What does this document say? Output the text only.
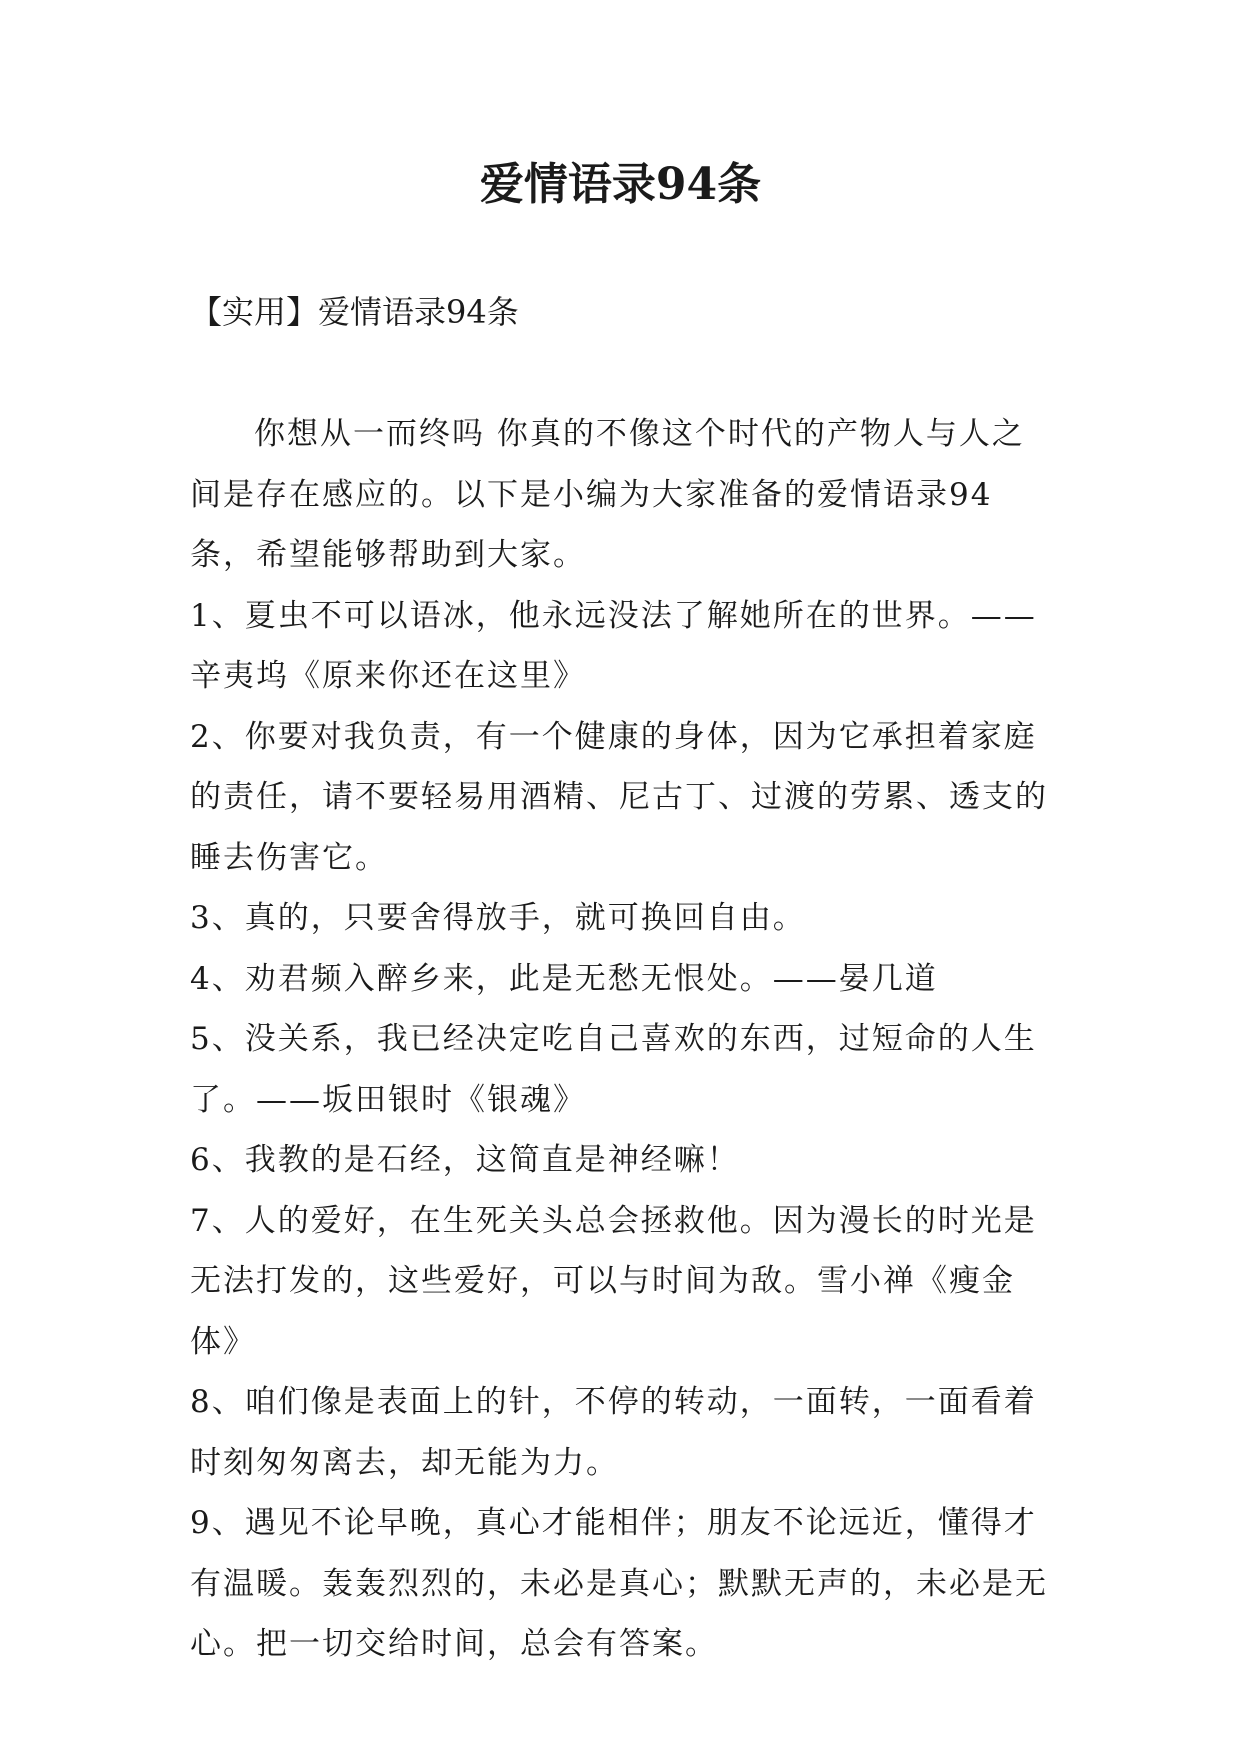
爱情语录94条

【实用】爱情语录94条

你想从一而终吗 你真的不像这个时代的产物人与人之间是存在感应的。以下是小编为大家准备的爱情语录94条，希望能够帮助到大家。

1、夏虫不可以语冰，他永远没法了解她所在的世界。——辛夷坞《原来你还在这里》

2、你要对我负责，有一个健康的身体，因为它承担着家庭的责任，请不要轻易用酒精、尼古丁、过渡的劳累、透支的睡去伤害它。

3、真的，只要舍得放手，就可换回自由。

4、劝君频入醉乡来，此是无愁无恨处。——晏几道

5、没关系，我已经决定吃自己喜欢的东西，过短命的人生了。——坂田银时《银魂》

6、我教的是石经，这简直是神经嘛！

7、人的爱好，在生死关头总会拯救他。因为漫长的时光是无法打发的，这些爱好，可以与时间为敌。雪小禅《瘦金体》

8、咱们像是表面上的针，不停的转动，一面转，一面看着时刻匆匆离去，却无能为力。

9、遇见不论早晚，真心才能相伴；朋友不论远近，懂得才有温暖。轰轰烈烈的，未必是真心；默默无声的，未必是无心。把一切交给时间，总会有答案。
